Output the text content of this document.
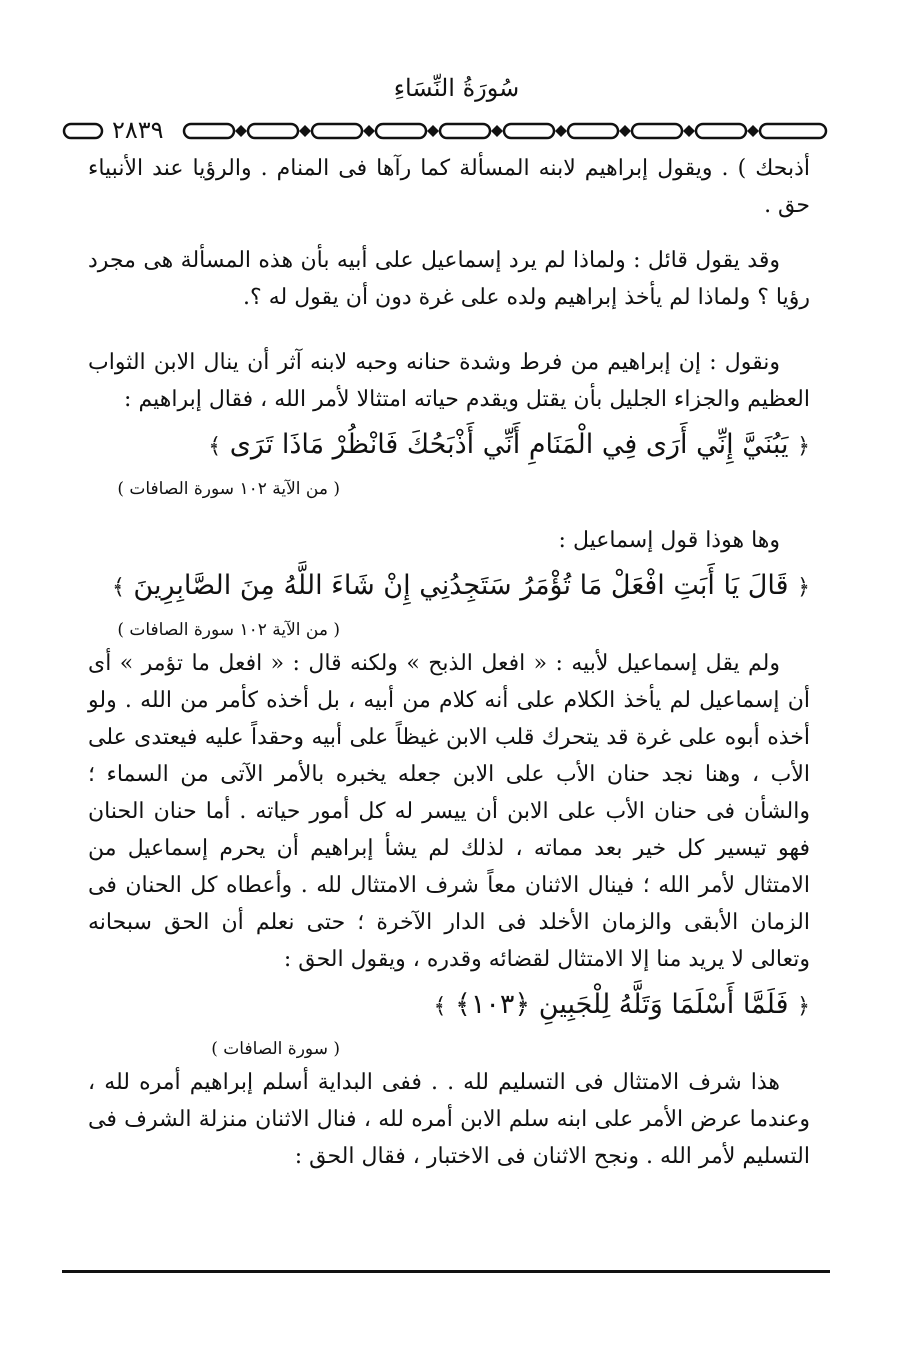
سُورَةُ النِّسَاءِ
٢٨٣٩

أذبحك ) . ويقول إبراهيم لابنه المسألة كما رآها فى المنام . والرؤيا عند الأنبياء حق .

وقد يقول قائل : ولماذا لم يرد إسماعيل على أبيه بأن هذه المسألة هى مجرد رؤيا ؟ ولماذا لم يأخذ إبراهيم ولده على غرة دون أن يقول له ؟.

ونقول : إن إبراهيم من فرط وشدة حنانه وحبه لابنه آثر أن ينال الابن الثواب العظيم والجزاء الجليل بأن يقتل ويقدم حياته امتثالا لأمر الله ، فقال إبراهيم :

﴿ يَبُنَيَّ إِنِّي أَرَى فِي الْمَنَامِ أَنِّي أَذْبَحُكَ فَانْظُرْ مَاذَا تَرَى ﴾

( من الآية ١٠٢ سورة الصافات )

وها هوذا قول إسماعيل :

﴿ قَالَ يَا أَبَتِ افْعَلْ مَا تُؤْمَرُ سَتَجِدُنِي إِنْ شَاءَ اللَّهُ مِنَ الصَّابِرِينَ ﴾

( من الآية ١٠٢ سورة الصافات )

ولم يقل إسماعيل لأبيه : « افعل الذبح » ولكنه قال : « افعل ما تؤمر » أى أن إسماعيل لم يأخذ الكلام على أنه كلام من أبيه ، بل أخذه كأمر من الله . ولو أخذه أبوه على غرة قد يتحرك قلب الابن غيظاً على أبيه وحقداً عليه فيعتدى على الأب ، وهنا نجد حنان الأب على الابن جعله يخبره بالأمر الآتى من السماء ؛ والشأن فى حنان الأب على الابن أن ييسر له كل أمور حياته . أما حنان الحنان فهو تيسير كل خير بعد مماته ، لذلك لم يشأ إبراهيم أن يحرم إسماعيل من الامتثال لأمر الله ؛ فينال الاثنان معاً شرف الامتثال لله . وأعطاه كل الحنان فى الزمان الأبقى والزمان الأخلد فى الدار الآخرة ؛ حتى نعلم أن الحق سبحانه وتعالى لا يريد منا إلا الامتثال لقضائه وقدره ، ويقول الحق :

﴿ فَلَمَّا أَسْلَمَا وَتَلَّهُ لِلْجَبِينِ ﴿١٠٣﴾ ﴾

( سورة الصافات )

هذا شرف الامتثال فى التسليم لله . . ففى البداية أسلم إبراهيم أمره لله ، وعندما عرض الأمر على ابنه سلم الابن أمره لله ، فنال الاثنان منزلة الشرف فى التسليم لأمر الله . ونجح الاثنان فى الاختبار ، فقال الحق :
